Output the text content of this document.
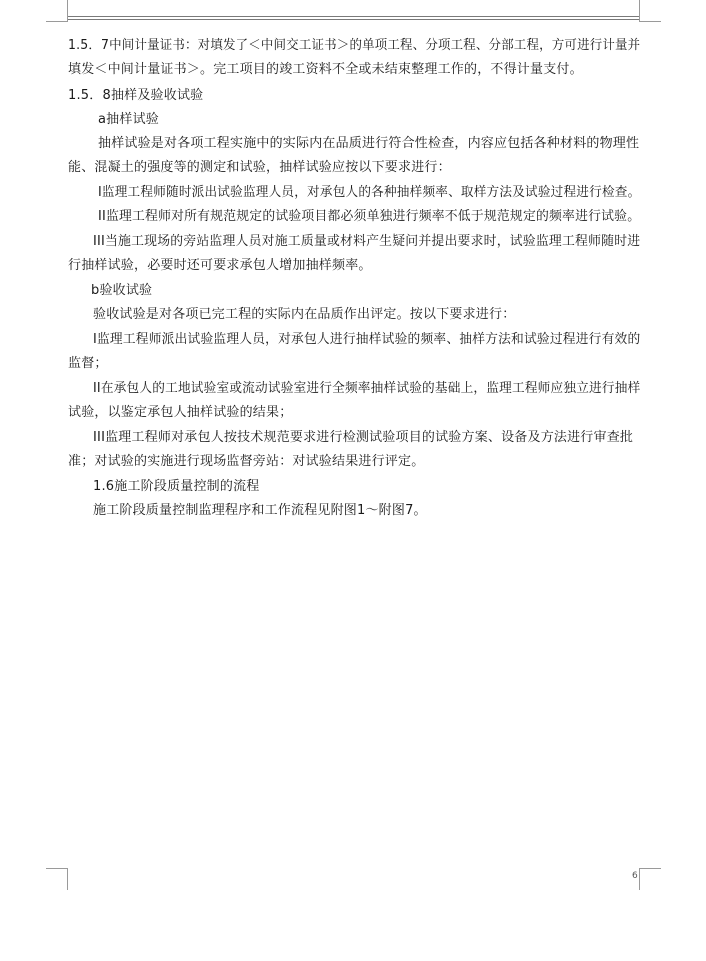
1.5．7中间计量证书：对填发了＜中间交工证书＞的单项工程、分项工程、分部工程，方可进行计量并
填发＜中间计量证书＞。完工项目的竣工资料不全或未结束整理工作的，不得计量支付。
1.5．8抽样及验收试验
a抽样试验
抽样试验是对各项工程实施中的实际内在品质进行符合性检查，内容应包括各种材料的物理性
能、混凝土的强度等的测定和试验，抽样试验应按以下要求进行：
I监理工程师随时派出试验监理人员，对承包人的各种抽样频率、取样方法及试验过程进行检查。
II监理工程师对所有规范规定的试验项目都必须单独进行频率不低于规范规定的频率进行试验。
III当施工现场的旁站监理人员对施工质量或材料产生疑问并提出要求时，试验监理工程师随时进
行抽样试验，必要时还可要求承包人增加抽样频率。
b验收试验
验收试验是对各项已完工程的实际内在品质作出评定。按以下要求进行：
I监理工程师派出试验监理人员，对承包人进行抽样试验的频率、抽样方法和试验过程进行有效的
监督；
II在承包人的工地试验室或流动试验室进行全频率抽样试验的基础上，监理工程师应独立进行抽样
试验，以鉴定承包人抽样试验的结果；
III监理工程师对承包人按技术规范要求进行检测试验项目的试验方案、设备及方法进行审查批
准；对试验的实施进行现场监督旁站：对试验结果进行评定。
1.6施工阶段质量控制的流程
施工阶段质量控制监理程序和工作流程见附图1～附图7。
6
